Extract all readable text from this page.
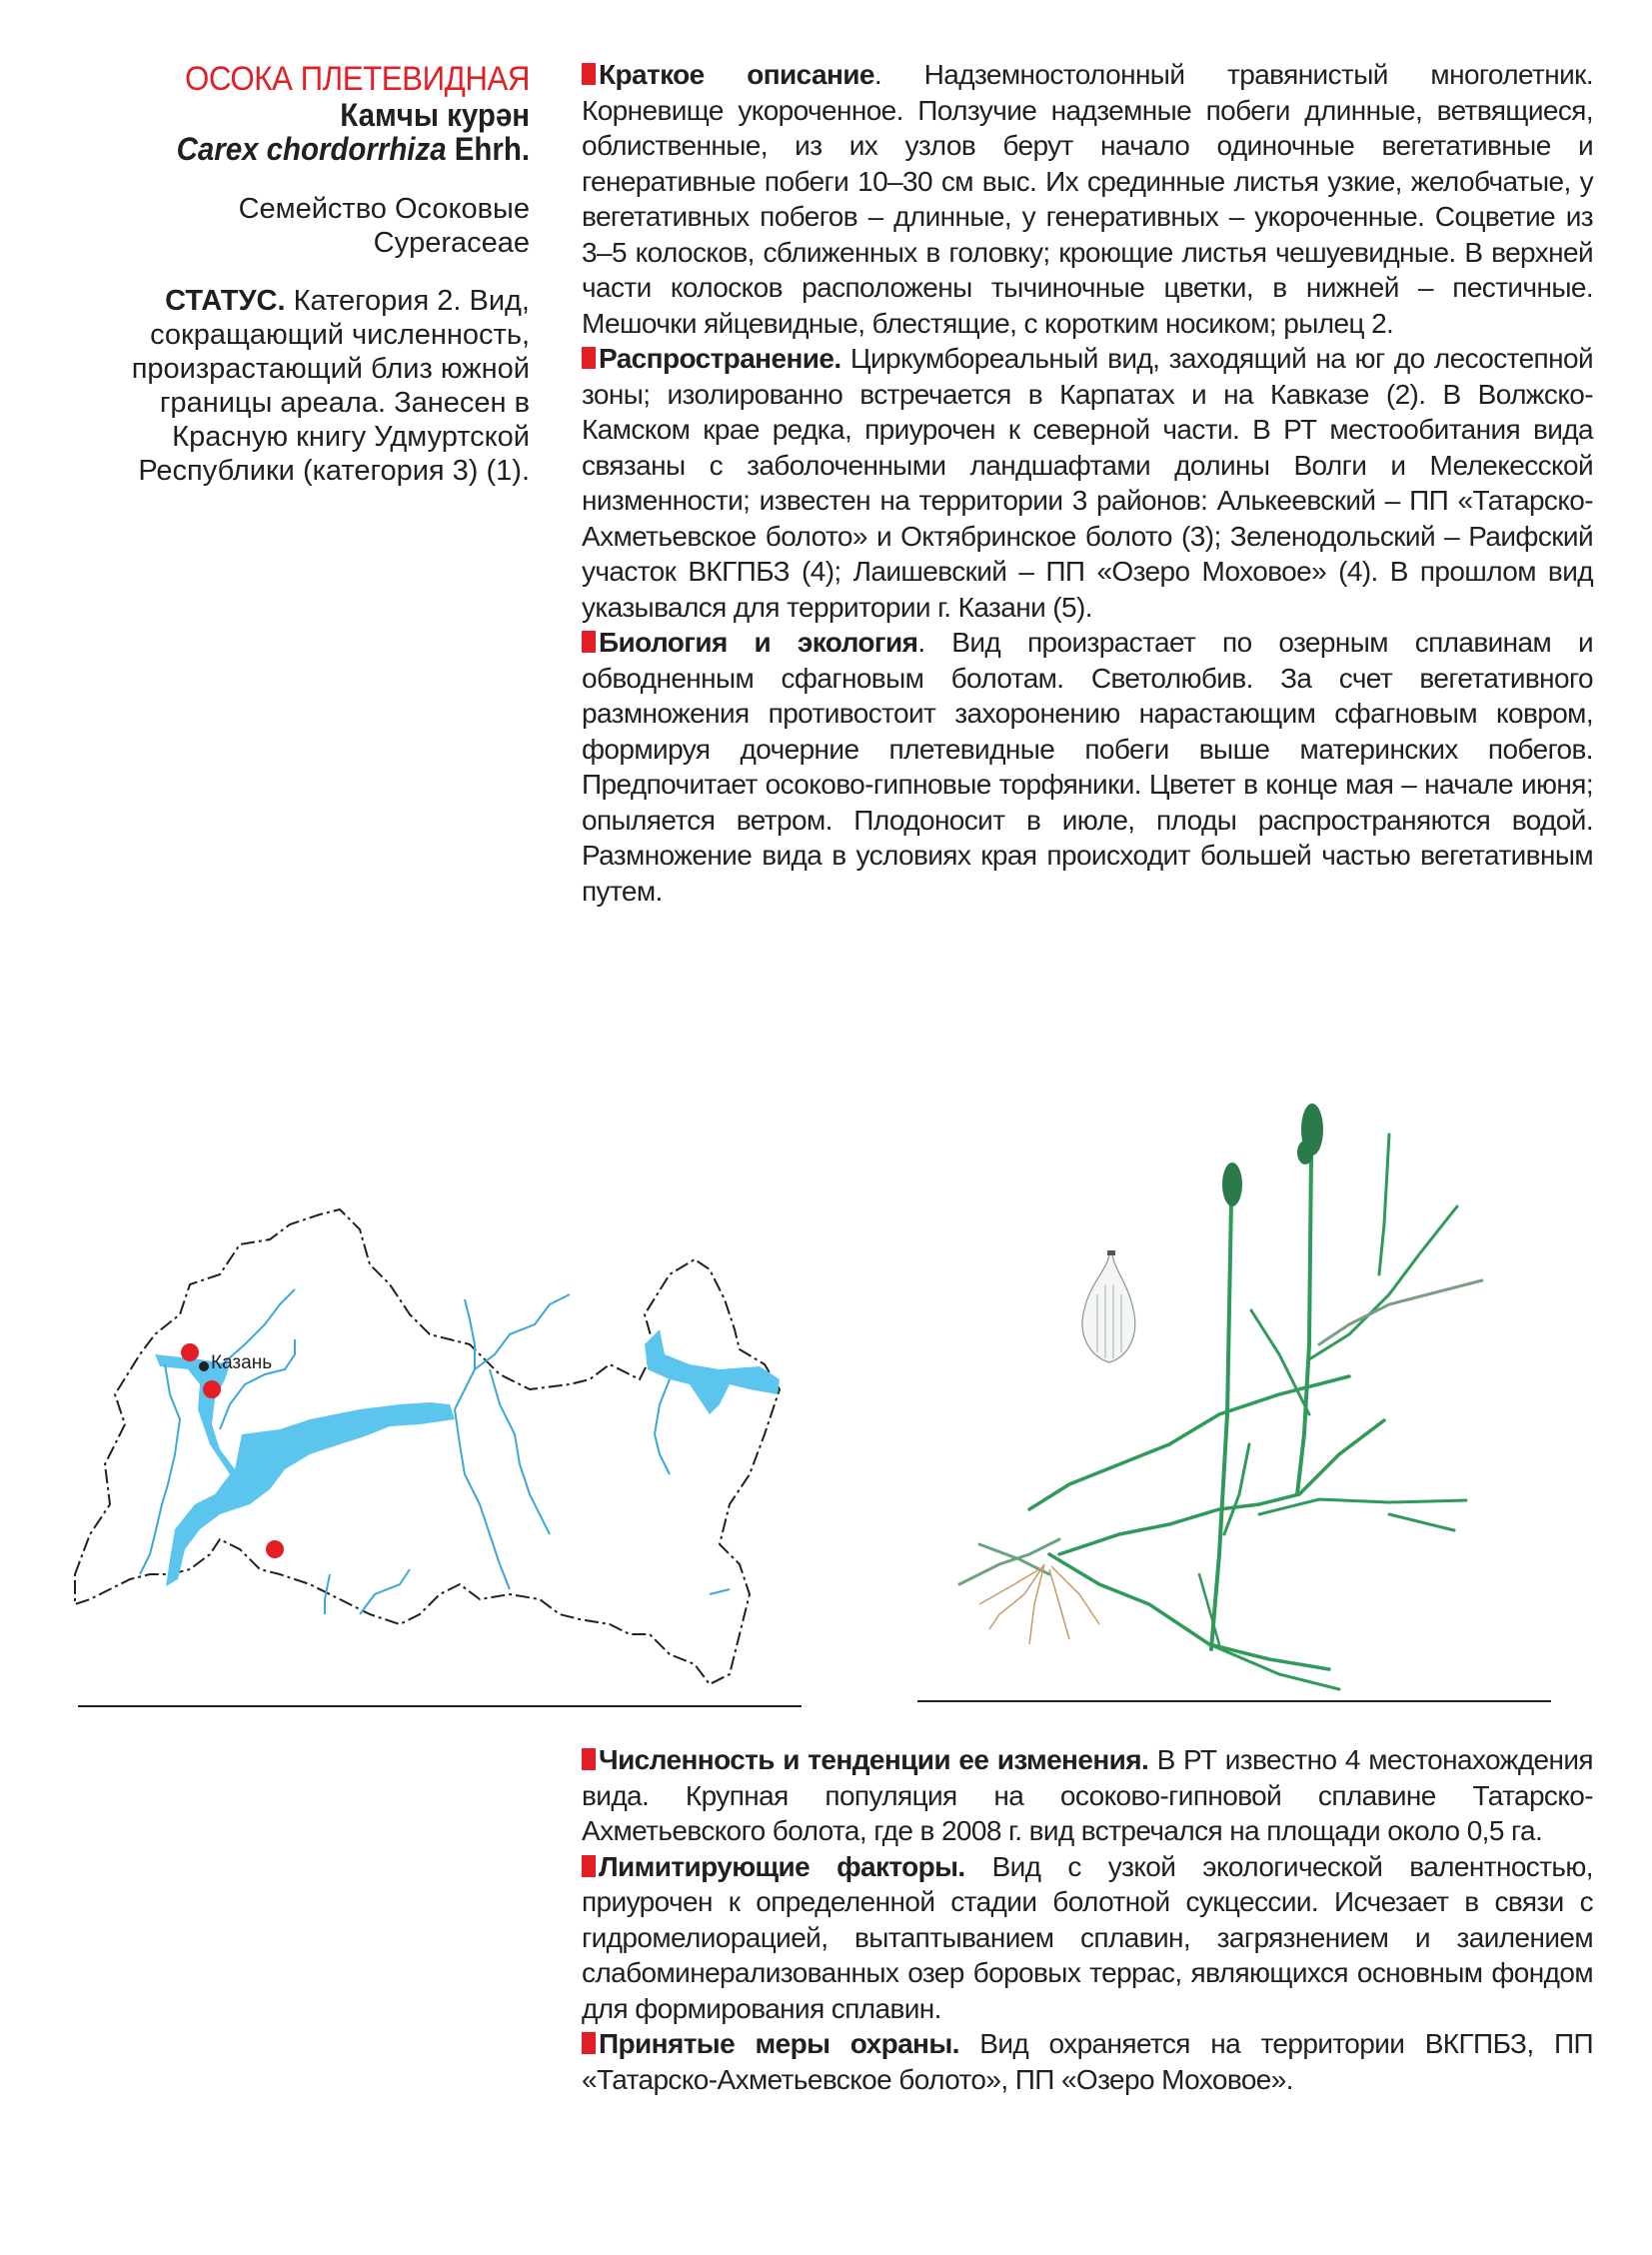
ОСОКА ПЛЕТЕВИДНАЯ
Камчы курән
Carex chordorrhiza Ehrh.
Семейство Осоковые
Cyperaceae
СТАТУС. Категория 2. Вид, сокращающий численность, произрастающий близ южной границы ареала. Занесен в Красную книгу Удмуртской Республики (категория 3) (1).

Краткое описание. Надземностолонный травянистый многолетник. Корневище укороченное. Ползучие надземные побеги длинные, ветвящиеся, облиственные, из их узлов берут начало одиночные вегетативные и генеративные побеги 10–30 см выс. Их срединные листья узкие, желобчатые, у вегетативных побегов – длинные, у генеративных – укороченные. Соцветие из 3–5 колосков, сближенных в головку; кроющие листья чешуевидные. В верхней части колосков расположены тычиночные цветки, в нижней – пестичные. Мешочки яйцевидные, блестящие, с коротким носиком; рылец 2.

Распространение. Циркумбореальный вид, заходящий на юг до лесостепной зоны; изолированно встречается в Карпатах и на Кавказе (2). В Волжско-Камском крае редка, приурочен к северной части. В РТ местообитания вида связаны с заболоченными ландшафтами долины Волги и Мелекесской низменности; известен на территории 3 районов: Алькеевский – ПП «Татарско-Ахметьевское болото» и Октябринское болото (3); Зеленодольский – Раифский участок ВКГПБЗ (4); Лаишевский – ПП «Озеро Моховое» (4). В прошлом вид указывался для территории г. Казани (5).

Биология и экология. Вид произрастает по озерным сплавинам и обводненным сфагновым болотам. Светолюбив. За счет вегетативного размножения противостоит захоронению нарастающим сфагновым ковром, формируя дочерние плетевидные побеги выше материнских побегов. Предпочитает осоково-гипновые торфяники. Цветет в конце мая – начале июня; опыляется ветром. Плодоносит в июле, плоды распространяются водой. Размножение вида в условиях края происходит большей частью вегетативным путем.

Казань

Численность и тенденции ее изменения. В РТ известно 4 местонахождения вида. Крупная популяция на осоково-гипновой сплавине Татарско-Ахметьевского болота, где в 2008 г. вид встречался на площади около 0,5 га.

Лимитирующие факторы. Вид с узкой экологической валентностью, приурочен к определенной стадии болотной сукцессии. Исчезает в связи с гидромелиорацией, вытаптыванием сплавин, загрязнением и заилением слабоминерализованных озер боровых террас, являющихся основным фондом для формирования сплавин.

Принятые меры охраны. Вид охраняется на территории ВКГПБЗ, ПП «Татарско-Ахметьевское болото», ПП «Озеро Моховое».
